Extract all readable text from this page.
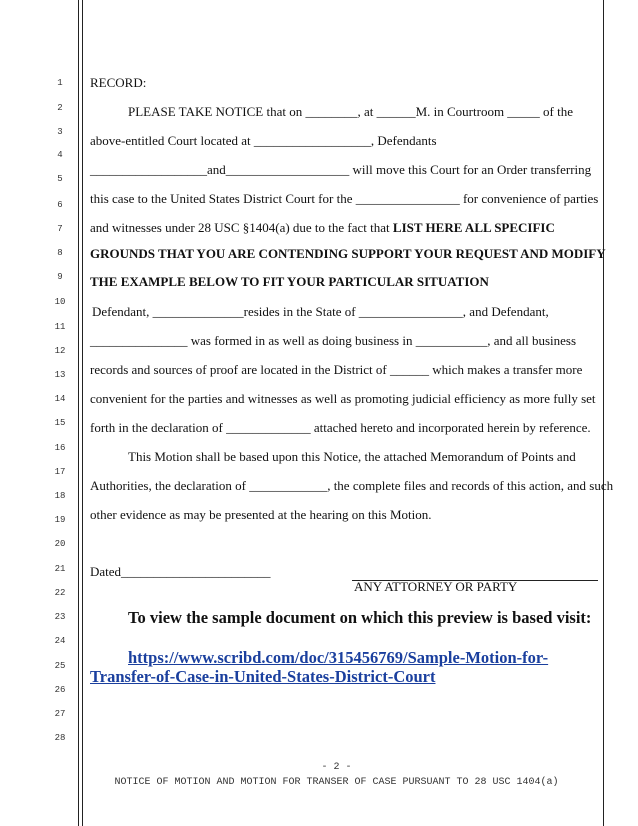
1
2
3
4
5
6
7
8
9
10
11
12
13
14
15
16
17
18
19
20
21
22
23
24
25
26
27
28
RECORD:
PLEASE TAKE NOTICE that on ________, at ______M. in Courtroom _____ of the
above-entitled Court located at __________________, Defendants
__________________and___________________ will move this Court for an Order transferring
this case to the United States District Court for the ________________ for convenience of parties
and witnesses under 28 USC §1404(a) due to the fact that LIST HERE ALL SPECIFIC
GROUNDS THAT YOU ARE CONTENDING SUPPORT YOUR REQUEST AND MODIFY
THE EXAMPLE BELOW TO FIT YOUR PARTICULAR SITUATION
Defendant, ______________resides in the State of ________________, and Defendant,
_______________ was formed in as well as doing business in ___________, and all business
records and sources of proof are located in the District of ______ which makes a transfer more
convenient for the parties and witnesses as well as promoting judicial efficiency as more fully set
forth in the declaration of _____________ attached hereto and incorporated herein by reference.
This Motion shall be based upon this Notice, the attached Memorandum of Points and
Authorities, the declaration of ____________, the complete files and records of this action, and such
other evidence as may be presented at the hearing on this Motion.
Dated_______________________
ANY ATTORNEY OR PARTY
To view the sample document on which this preview is based visit:
https://www.scribd.com/doc/315456769/Sample-Motion-for-
Transfer-of-Case-in-United-States-District-Court
- 2 -
NOTICE OF MOTION AND MOTION FOR TRANSER OF CASE PURSUANT TO 28 USC 1404(a)
